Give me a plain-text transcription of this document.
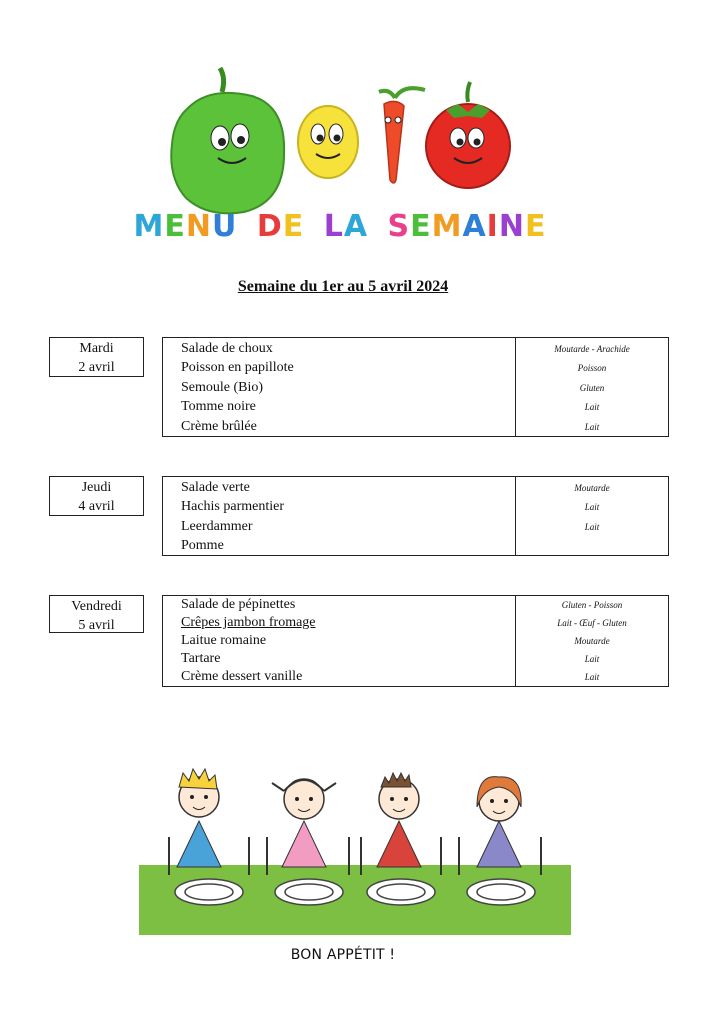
MENU DE LA SEMAINE
Semaine du 1er au 5 avril 2024
Mardi
2 avril
Salade de choux
Poisson en papillote
Semoule (Bio)
Tomme noire
Crème brûlée
Moutarde - Arachide
Poisson
Gluten
Lait
Lait
Jeudi
4 avril
Salade verte
Hachis parmentier
Leerdammer
Pomme
Moutarde
Lait
Lait
Vendredi
5 avril
Salade de pépinettes
Crêpes jambon fromage
Laitue romaine
Tartare
Crème dessert vanille
Gluten - Poisson
Lait - Œuf - Gluten
Moutarde
Lait
Lait
BON APPÉTIT !
